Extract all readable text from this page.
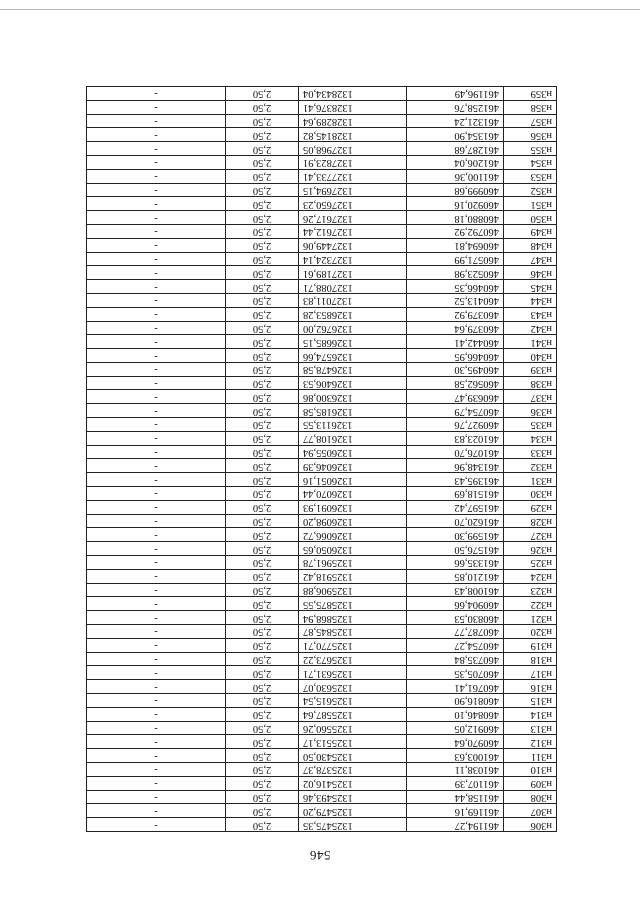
546
н306	461194,27	1325475,35	2,50	-
н307	461169,16	1325479,20	2,50	-
н308	461158,44	1325493,46	2,50	-
н309	461107,39	1325416,02	2,50	-
н310	461038,11	1325378,37	2,50	-
н311	461003,63	1325430,50	2,50	-
н312	460970,64	1325513,17	2,50	-
н313	460912,05	1325560,26	2,50	-
н314	460846,10	1325587,64	2,50	-
н315	460816,90	1325615,54	2,50	-
н316	460761,41	1325630,07	2,50	-
н317	460705,35	1325631,71	2,50	-
н318	460735,84	1325673,22	2,50	-
н319	460754,27	1325770,71	2,50	-
н320	460787,77	1325845,87	2,50	-
н321	460830,53	1325868,94	2,50	-
н322	460904,66	1325875,55	2,50	-
н323	461008,43	1325906,88	2,50	-
н324	461210,85	1325918,42	2,50	-
н325	461335,66	1325961,78	2,50	-
н326	461576,50	1326050,65	2,50	-
н327	461599,30	1326066,72	2,50	-
н328	461620,70	1326098,20	2,50	-
н329	461597,42	1326091,93	2,50	-
н330	461518,69	1326070,44	2,50	-
н331	461395,43	1326051,16	2,50	-
н332	461348,96	1326046,39	2,50	-
н333	461076,70	1326055,94	2,50	-
н334	461023,83	1326108,77	2,50	-
н335	460927,76	1326113,55	2,50	-
н336	460754,79	1326185,58	2,50	-
н337	460639,47	1326300,86	2,50	-
н338	460562,58	1326406,53	2,50	-
н339	460495,30	1326478,58	2,50	-
н340	460466,95	1326574,66	2,50	-
н341	460442,41	1326685,15	2,50	-
н342	460379,64	1326762,00	2,50	-
н343	460379,92	1326853,28	2,50	-
н344	460413,52	1327011,83	2,50	-
н345	460466,35	1327088,71	2,50	-
н346	460523,98	1327189,61	2,50	-
н347	460571,99	1327324,14	2,50	-
н348	460694,81	1327449,06	2,50	-
н349	460792,92	1327612,44	2,50	-
н350	460880,18	1327617,26	2,50	-
н351	460920,16	1327650,23	2,50	-
н352	460999,68	1327694,15	2,50	-
н353	461100,36	1327733,41	2,50	-
н354	461206,04	1327823,91	2,50	-
н355	461287,68	1327968,05	2,50	-
н356	461354,90	1328145,82	2,50	-
н357	461321,24	1328289,64	2,50	-
н358	461258,76	1328376,41	2,50	-
н359	461196,49	1328434,04	2,50	-
